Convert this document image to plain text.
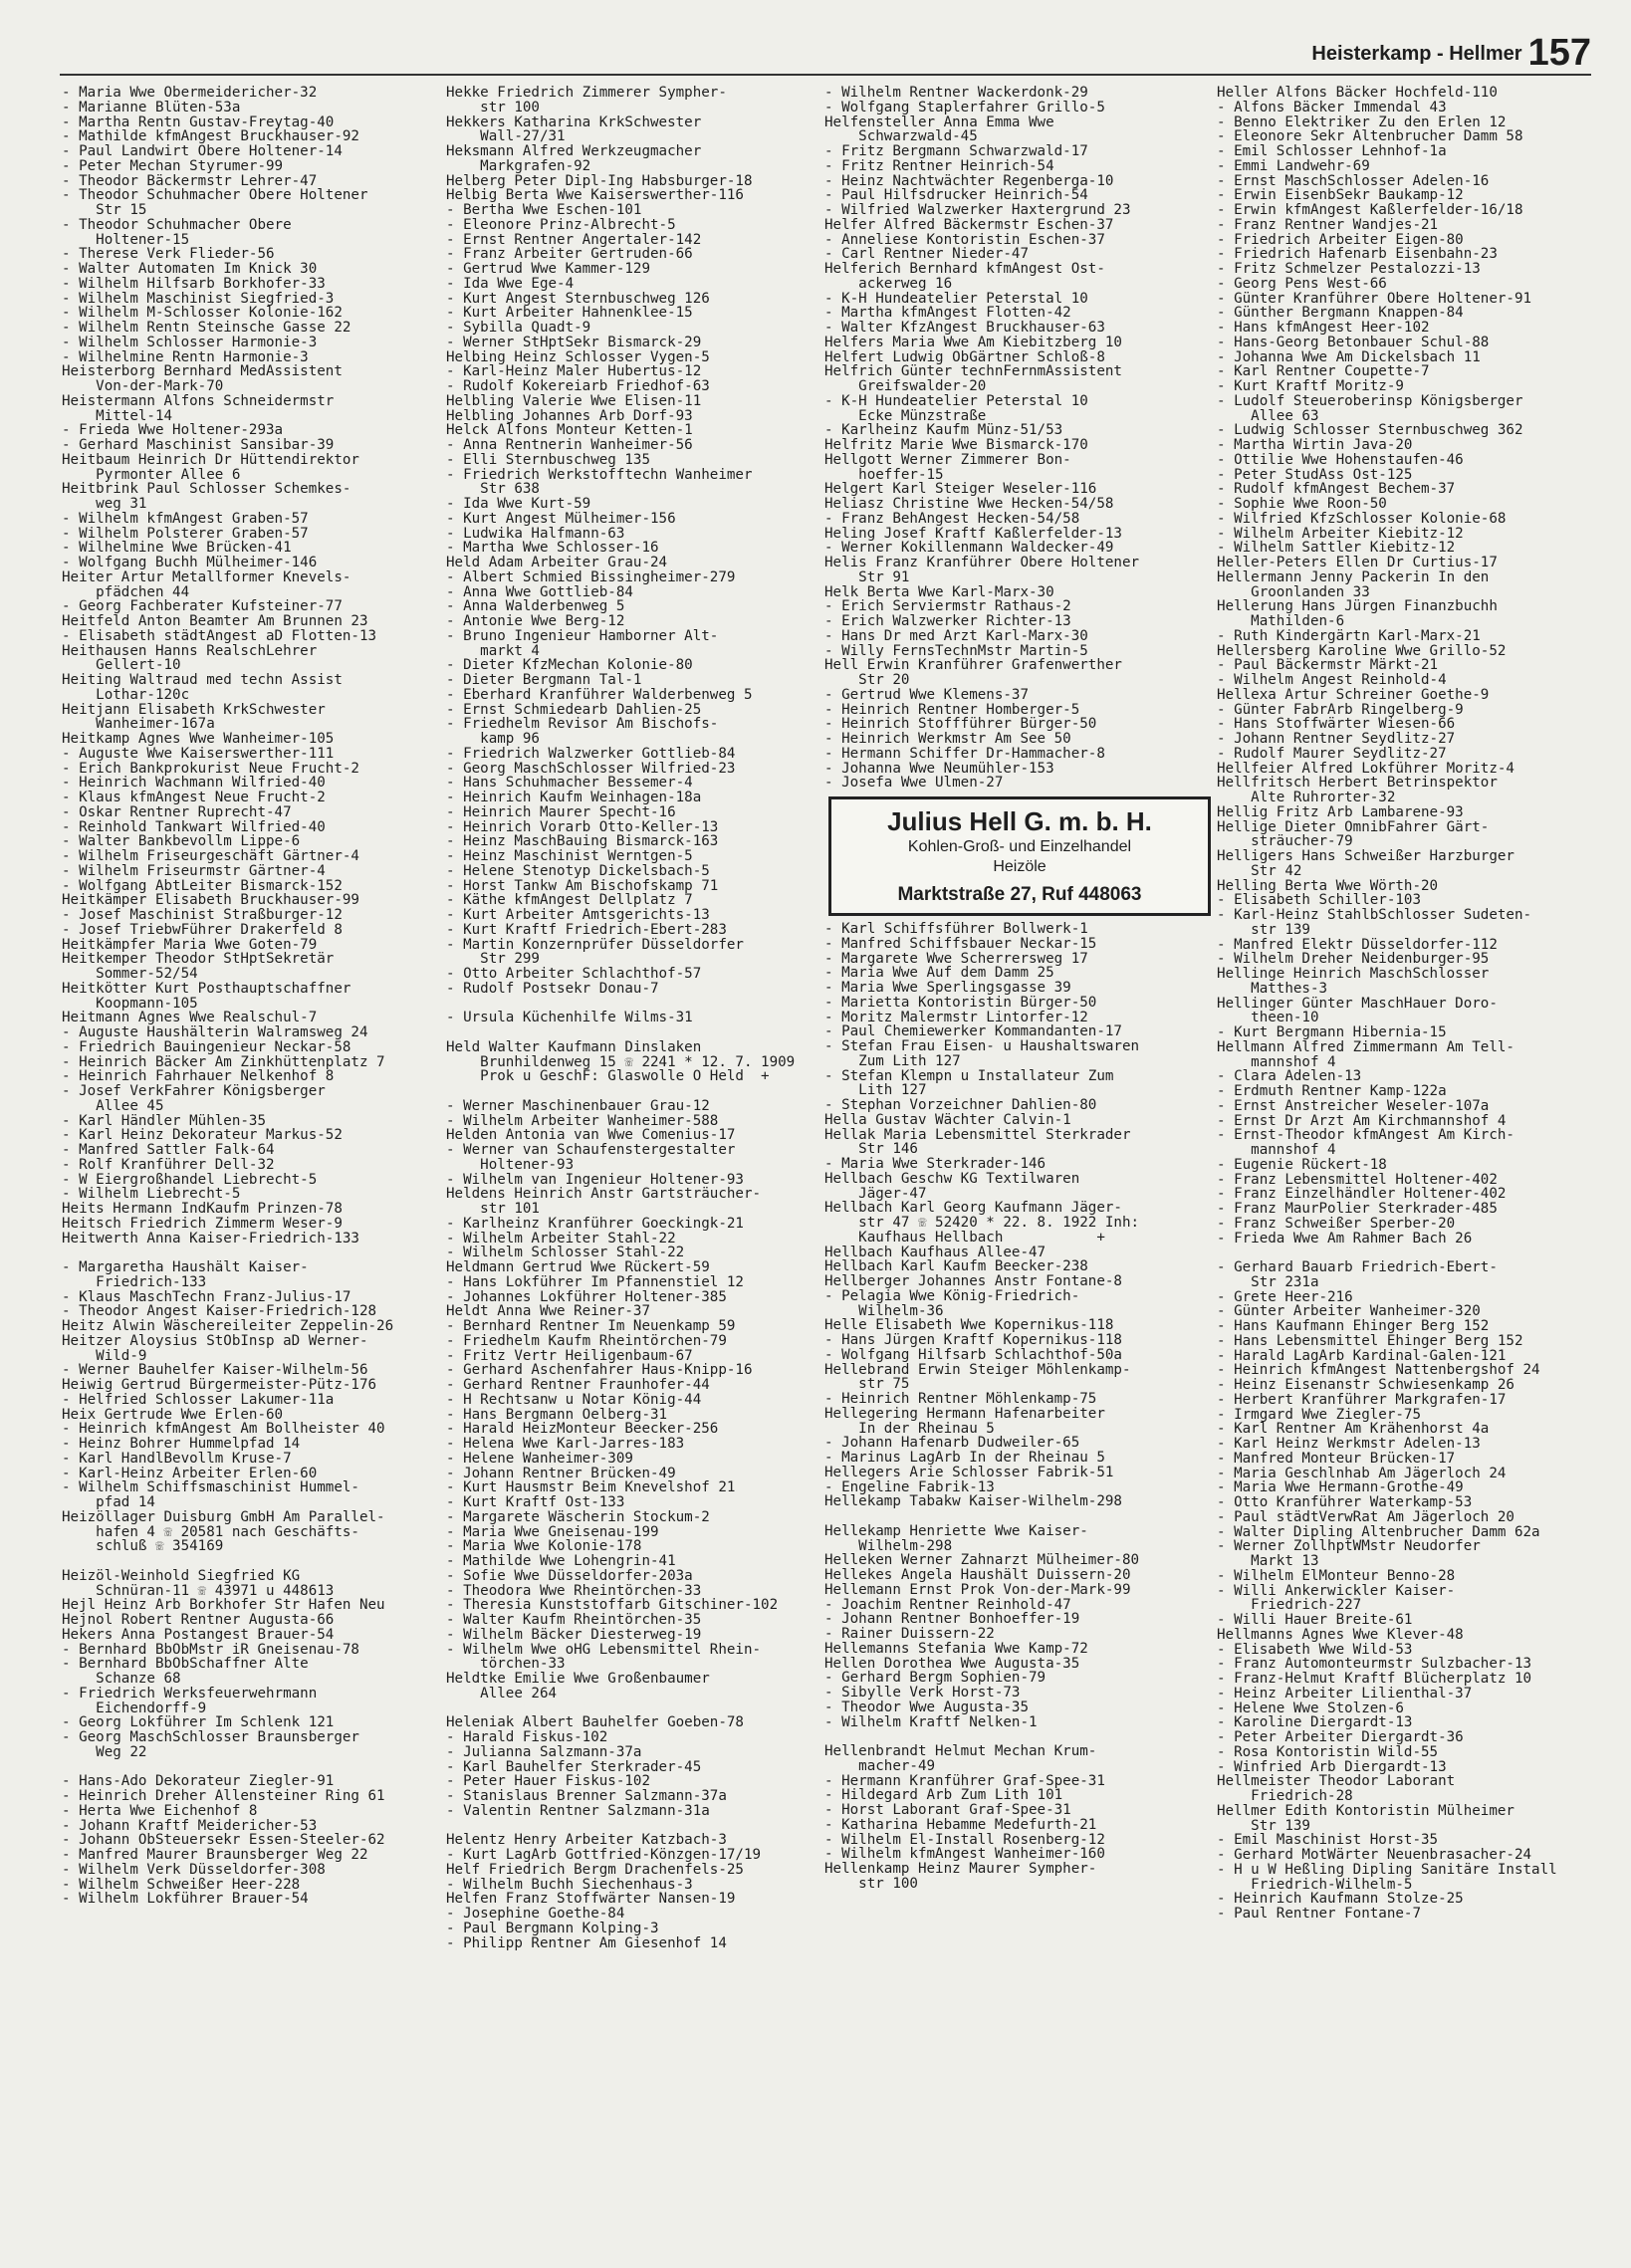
Heisterkamp - Hellmer 157
- Maria Wwe Obermeidericher-32
- Marianne Blüten-53a
- Martha Rentn Gustav-Freytag-40
- Mathilde kfmAngest Bruckhauser-92
- Paul Landwirt Obere Holtener-14
- Peter Mechan Styrumer-99
- Theodor Bäckermstr Lehrer-47
- Theodor Schuhmacher Obere Holtener
Str 15
- Theodor Schuhmacher Obere
Holtener-15
- Therese Verk Flieder-56
- Walter Automaten Im Knick 30
- Wilhelm Hilfsarb Borkhofer-33
- Wilhelm Maschinist Siegfried-3
- Wilhelm M-Schlosser Kolonie-162
- Wilhelm Rentn Steinsche Gasse 22
- Wilhelm Schlosser Harmonie-3
- Wilhelmine Rentn Harmonie-3
Heisterborg Bernhard MedAssistent
Von-der-Mark-70
Heistermann Alfons Schneidermstr
Mittel-14
- Frieda Wwe Holtener-293a
- Gerhard Maschinist Sansibar-39
Heitbaum Heinrich Dr Hüttendirektor
Pyrmonter Allee 6
Heitbrink Paul Schlosser Schemkes-
weg 31
- Wilhelm kfmAngest Graben-57
- Wilhelm Polsterer Graben-57
- Wilhelmine Wwe Brücken-41
- Wolfgang Buchh Mülheimer-146
Heiter Artur Metallformer Knevels-
pfädchen 44
- Georg Fachberater Kufsteiner-77
Heitfeld Anton Beamter Am Brunnen 23
- Elisabeth städtAngest aD Flotten-13
Heithausen Hanns RealschLehrer
Gellert-10
Heiting Waltraud med techn Assist
Lothar-120c
Heitjann Elisabeth KrkSchwester
Wanheimer-167a
Heitkamp Agnes Wwe Wanheimer-105
- Auguste Wwe Kaiserswerther-111
- Erich Bankprokurist Neue Frucht-2
- Heinrich Wachmann Wilfried-40
- Klaus kfmAngest Neue Frucht-2
- Oskar Rentner Ruprecht-47
- Reinhold Tankwart Wilfried-40
- Walter Bankbevollm Lippe-6
- Wilhelm Friseurgeschäft Gärtner-4
- Wilhelm Friseurmstr Gärtner-4
- Wolfgang AbtLeiter Bismarck-152
Heitkämper Elisabeth Bruckhauser-99
- Josef Maschinist Straßburger-12
- Josef TriebwFührer Drakerfeld 8
Heitkämpfer Maria Wwe Goten-79
Heitkemper Theodor StHptSekretär
Sommer-52/54
Heitkötter Kurt Posthauptschaffner
Koopmann-105
Heitmann Agnes Wwe Realschul-7
- Auguste Haushälterin Walramsweg 24
- Friedrich Bauingenieur Neckar-58
- Heinrich Bäcker Am Zinkhüttenplatz 7
- Heinrich Fahrhauer Nelkenhof 8
- Josef VerkFahrer Königsberger
Allee 45
- Karl Händler Mühlen-35
- Karl Heinz Dekorateur Markus-52
- Manfred Sattler Falk-64
- Rolf Kranführer Dell-32
- W Eiergroßhandel Liebrecht-5
- Wilhelm Liebrecht-5
Heits Hermann IndKaufm Prinzen-78
Heitsch Friedrich Zimmerm Weser-9
Heitwerth Anna Kaiser-Friedrich-133
- Margaretha Haushält Kaiser-
Friedrich-133
- Klaus MaschTechn Franz-Julius-17
- Theodor Angest Kaiser-Friedrich-128
Heitz Alwin Wäschereileiter Zeppelin-26
Heitzer Aloysius StObInsp aD Werner-
Wild-9
- Werner Bauhelfer Kaiser-Wilhelm-56
Heiwig Gertrud Bürgermeister-Pütz-176
- Helfried Schlosser Lakumer-11a
Heix Gertrude Wwe Erlen-60
- Heinrich kfmAngest Am Bollheister 40
- Heinz Bohrer Hummelpfad 14
- Karl HandlBevollm Kruse-7
- Karl-Heinz Arbeiter Erlen-60
- Wilhelm Schiffsmaschinist Hummel-
pfad 14
Heizöllager Duisburg GmbH Am Parallel-
hafen 4 ☏ 20581 nach Geschäfts-
schluß ☏ 354169
Heizöl-Weinhold Siegfried KG
Schnüran-11 ☏ 43971 u 448613
Hejl Heinz Arb Borkhofer Str Hafen Neu
Hejnol Robert Rentner Augusta-66
Hekers Anna Postangest Brauer-54
- Bernhard BbObMstr iR Gneisenau-78
- Bernhard BbObSchaffner Alte
Schanze 68
- Friedrich Werksfeuerwehrmann
Eichendorff-9
- Georg Lokführer Im Schlenk 121
- Georg MaschSchlosser Braunsberger
Weg 22
- Hans-Ado Dekorateur Ziegler-91
- Heinrich Dreher Allensteiner Ring 61
- Herta Wwe Eichenhof 8
- Johann Kraftf Meidericher-53
- Johann ObSteuersekr Essen-Steeler-62
- Manfred Maurer Braunsberger Weg 22
- Wilhelm Verk Düsseldorfer-308
- Wilhelm Schweißer Heer-228
- Wilhelm Lokführer Brauer-54
Hekke Friedrich Zimmerer Sympher-
str 100
Hekkers Katharina KrkSchwester
Wall-27/31
Heksmann Alfred Werkzeugmacher
Markgrafen-92
Helberg Peter Dipl-Ing Habsburger-18
Helbig Berta Wwe Kaiserswerther-116
- Bertha Wwe Eschen-101
- Eleonore Prinz-Albrecht-5
- Ernst Rentner Angertaler-142
- Franz Arbeiter Gertruden-66
- Gertrud Wwe Kammer-129
- Ida Wwe Ege-4
- Kurt Angest Sternbuschweg 126
- Kurt Arbeiter Hahnenklee-15
- Sybilla Quadt-9
- Werner StHptSekr Bismarck-29
Helbing Heinz Schlosser Vygen-5
- Karl-Heinz Maler Hubertus-12
- Rudolf Kokereiarb Friedhof-63
Helbling Valerie Wwe Elisen-11
Helbling Johannes Arb Dorf-93
Helck Alfons Monteur Ketten-1
- Anna Rentnerin Wanheimer-56
- Elli Sternbuschweg 135
- Friedrich Werkstofftechn Wanheimer
Str 638
- Ida Wwe Kurt-59
- Kurt Angest Mülheimer-156
- Ludwika Halfmann-63
- Martha Wwe Schlosser-16
Held Adam Arbeiter Grau-24
- Albert Schmied Bissingheimer-279
- Anna Wwe Gottlieb-84
- Anna Walderbenweg 5
- Antonie Wwe Berg-12
- Bruno Ingenieur Hamborner Alt-
markt 4
- Dieter KfzMechan Kolonie-80
- Dieter Bergmann Tal-1
- Eberhard Kranführer Walderbenweg 5
- Ernst Schmiedearb Dahlien-25
- Friedhelm Revisor Am Bischofs-
kamp 96
- Friedrich Walzwerker Gottlieb-84
- Georg MaschSchlosser Wilfried-23
- Hans Schuhmacher Bessemer-4
- Heinrich Kaufm Weinhagen-18a
- Heinrich Maurer Specht-16
- Heinrich Vorarb Otto-Keller-13
- Heinz MaschBauing Bismarck-163
- Heinz Maschinist Werntgen-5
- Helene Stenotyp Dickelsbach-5
- Horst Tankw Am Bischofskamp 71
- Käthe kfmAngest Dellplatz 7
- Kurt Arbeiter Amtsgerichts-13
- Kurt Kraftf Friedrich-Ebert-283
- Martin Konzernprüfer Düsseldorfer
Str 299
- Otto Arbeiter Schlachthof-57
- Rudolf Postsekr Donau-7
- Ursula Küchenhilfe Wilms-31
Held Walter Kaufmann Dinslaken
Brunhildenweg 15 ☏ 2241 * 12. 7. 1909
Prok u GeschF: Glaswolle O Held  +
- Werner Maschinenbauer Grau-12
- Wilhelm Arbeiter Wanheimer-588
Helden Antonia van Wwe Comenius-17
- Werner van Schaufenstergestalter
Holtener-93
- Wilhelm van Ingenieur Holtener-93
Heldens Heinrich Anstr Gartsträucher-
str 101
- Karlheinz Kranführer Goeckingk-21
- Wilhelm Arbeiter Stahl-22
- Wilhelm Schlosser Stahl-22
Heldmann Gertrud Wwe Rückert-59
- Hans Lokführer Im Pfannenstiel 12
- Johannes Lokführer Holtener-385
Heldt Anna Wwe Reiner-37
- Bernhard Rentner Im Neuenkamp 59
- Friedhelm Kaufm Rheintörchen-79
- Fritz Vertr Heiligenbaum-67
- Gerhard Aschenfahrer Haus-Knipp-16
- Gerhard Rentner Fraunhofer-44
- H Rechtsanw u Notar König-44
- Hans Bergmann Oelberg-31
- Harald HeizMonteur Beecker-256
- Helena Wwe Karl-Jarres-183
- Helene Wanheimer-309
- Johann Rentner Brücken-49
- Kurt Hausmstr Beim Knevelshof 21
- Kurt Kraftf Ost-133
- Margarete Wäscherin Stockum-2
- Maria Wwe Gneisenau-199
- Maria Wwe Kolonie-178
- Mathilde Wwe Lohengrin-41
- Sofie Wwe Düsseldorfer-203a
- Theodora Wwe Rheintörchen-33
- Theresia Kunststoffarb Gitschiner-102
- Walter Kaufm Rheintörchen-35
- Wilhelm Bäcker Diesterweg-19
- Wilhelm Wwe oHG Lebensmittel Rhein-
törchen-33
Heldtke Emilie Wwe Großenbaumer
Allee 264
Heleniak Albert Bauhelfer Goeben-78
- Harald Fiskus-102
- Julianna Salzmann-37a
- Karl Bauhelfer Sterkrader-45
- Peter Hauer Fiskus-102
- Stanislaus Brenner Salzmann-37a
- Valentin Rentner Salzmann-31a
Helentz Henry Arbeiter Katzbach-3
- Kurt LagArb Gottfried-Könzgen-17/19
Helf Friedrich Bergm Drachenfels-25
- Wilhelm Buchh Siechenhaus-3
Helfen Franz Stoffwärter Nansen-19
- Josephine Goethe-84
- Paul Bergmann Kolping-3
- Philipp Rentner Am Giesenhof 14
- Wilhelm Rentner Wackerdonk-29
- Wolfgang Staplerfahrer Grillo-5
Helfensteller Anna Emma Wwe
Schwarzwald-45
- Fritz Bergmann Schwarzwald-17
- Fritz Rentner Heinrich-54
- Heinz Nachtwächter Regenberga-10
- Paul Hilfsdrucker Heinrich-54
- Wilfried Walzwerker Haxtergrund 23
Helfer Alfred Bäckermstr Eschen-37
- Anneliese Kontoristin Eschen-37
- Carl Rentner Nieder-47
Helferich Bernhard kfmAngest Ost-
ackerweg 16
- K-H Hundeatelier Peterstal 10
- Martha kfmAngest Flotten-42
- Walter KfzAngest Bruckhauser-63
Helfers Maria Wwe Am Kiebitzberg 10
Helfert Ludwig ObGärtner Schloß-8
Helfrich Günter technFernmAssistent
Greifswalder-20
- K-H Hundeatelier Peterstal 10
Ecke Münzstraße
- Karlheinz Kaufm Münz-51/53
Helfritz Marie Wwe Bismarck-170
Hellgott Werner Zimmerer Bon-
hoeffer-15
Helgert Karl Steiger Weseler-116
Heliasz Christine Wwe Hecken-54/58
- Franz BehAngest Hecken-54/58
Heling Josef Kraftf Kaßlerfelder-13
- Werner Kokillenmann Waldecker-49
Helis Franz Kranführer Obere Holtener
Str 91
Helk Berta Wwe Karl-Marx-30
- Erich Serviermstr Rathaus-2
- Erich Walzwerker Richter-13
- Hans Dr med Arzt Karl-Marx-30
- Willy FernsTechnMstr Martin-5
Hell Erwin Kranführer Grafenwerther
Str 20
- Gertrud Wwe Klemens-37
- Heinrich Rentner Homberger-5
- Heinrich Stoffführer Bürger-50
- Heinrich Werkmstr Am See 50
- Hermann Schiffer Dr-Hammacher-8
- Johanna Wwe Neumühler-153
- Josefa Wwe Ulmen-27
Julius Hell G. m. b. H.
Kohlen-Groß- und Einzelhandel
Heizöle
Marktstraße 27, Ruf 448063
- Karl Schiffsführer Bollwerk-1
- Manfred Schiffsbauer Neckar-15
- Margarete Wwe Scherrersweg 17
- Maria Wwe Auf dem Damm 25
- Maria Wwe Sperlingsgasse 39
- Marietta Kontoristin Bürger-50
- Moritz Malermstr Lintorfer-12
- Paul Chemiewerker Kommandanten-17
- Stefan Frau Eisen- u Haushaltswaren
Zum Lith 127
- Stefan Klempn u Installateur Zum
Lith 127
- Stephan Vorzeichner Dahlien-80
Hella Gustav Wächter Calvin-1
Hellak Maria Lebensmittel Sterkrader
Str 146
- Maria Wwe Sterkrader-146
Hellbach Geschw KG Textilwaren
Jäger-47
Hellbach Karl Georg Kaufmann Jäger-
str 47 ☏ 52420 * 22. 8. 1922 Inh:
Kaufhaus Hellbach           +
Hellbach Kaufhaus Allee-47
Hellbach Karl Kaufm Beecker-238
Hellberger Johannes Anstr Fontane-8
- Pelagia Wwe König-Friedrich-
Wilhelm-36
Helle Elisabeth Wwe Kopernikus-118
- Hans Jürgen Kraftf Kopernikus-118
- Wolfgang Hilfsarb Schlachthof-50a
Hellebrand Erwin Steiger Möhlenkamp-
str 75
- Heinrich Rentner Möhlenkamp-75
Hellegering Hermann Hafenarbeiter
In der Rheinau 5
- Johann Hafenarb Dudweiler-65
- Marinus LagArb In der Rheinau 5
Hellegers Arie Schlosser Fabrik-51
- Engeline Fabrik-13
Hellekamp Tabakw Kaiser-Wilhelm-298
Hellekamp Henriette Wwe Kaiser-
Wilhelm-298
Helleken Werner Zahnarzt Mülheimer-80
Hellekes Angela Haushält Duissern-20
Hellemann Ernst Prok Von-der-Mark-99
- Joachim Rentner Reinhold-47
- Johann Rentner Bonhoeffer-19
- Rainer Duissern-22
Hellemanns Stefania Wwe Kamp-72
Hellen Dorothea Wwe Augusta-35
- Gerhard Bergm Sophien-79
- Sibylle Verk Horst-73
- Theodor Wwe Augusta-35
- Wilhelm Kraftf Nelken-1
Hellenbrandt Helmut Mechan Krum-
macher-49
- Hermann Kranführer Graf-Spee-31
- Hildegard Arb Zum Lith 101
- Horst Laborant Graf-Spee-31
- Katharina Hebamme Medefurth-21
- Wilhelm El-Install Rosenberg-12
- Wilhelm kfmAngest Wanheimer-160
Hellenkamp Heinz Maurer Sympher-
str 100
Heller Alfons Bäcker Hochfeld-110
- Alfons Bäcker Immendal 43
- Benno Elektriker Zu den Erlen 12
- Eleonore Sekr Altenbrucher Damm 58
- Emil Schlosser Lehnhof-1a
- Emmi Landwehr-69
- Ernst MaschSchlosser Adelen-16
- Erwin EisenbSekr Baukamp-12
- Erwin kfmAngest Kaßlerfelder-16/18
- Franz Rentner Wandjes-21
- Friedrich Arbeiter Eigen-80
- Friedrich Hafenarb Eisenbahn-23
- Fritz Schmelzer Pestalozzi-13
- Georg Pens West-66
- Günter Kranführer Obere Holtener-91
- Günther Bergmann Knappen-84
- Hans kfmAngest Heer-102
- Hans-Georg Betonbauer Schul-88
- Johanna Wwe Am Dickelsbach 11
- Karl Rentner Coupette-7
- Kurt Kraftf Moritz-9
- Ludolf Steueroberinsp Königsberger
Allee 63
- Ludwig Schlosser Sternbuschweg 362
- Martha Wirtin Java-20
- Ottilie Wwe Hohenstaufen-46
- Peter StudAss Ost-125
- Rudolf kfmAngest Bechem-37
- Sophie Wwe Roon-50
- Wilfried KfzSchlosser Kolonie-68
- Wilhelm Arbeiter Kiebitz-12
- Wilhelm Sattler Kiebitz-12
Heller-Peters Ellen Dr Curtius-17
Hellermann Jenny Packerin In den
Groonlanden 33
Hellerung Hans Jürgen Finanzbuchh
Mathilden-6
- Ruth Kindergärtn Karl-Marx-21
Hellersberg Karoline Wwe Grillo-52
- Paul Bäckermstr Märkt-21
- Wilhelm Angest Reinhold-4
Hellexa Artur Schreiner Goethe-9
- Günter FabrArb Ringelberg-9
- Hans Stoffwärter Wiesen-66
- Johann Rentner Seydlitz-27
- Rudolf Maurer Seydlitz-27
Hellfeier Alfred Lokführer Moritz-4
Hellfritsch Herbert Betrinspektor
Alte Ruhrorter-32
Hellig Fritz Arb Lambarene-93
Hellige Dieter OmnibFahrer Gärt-
sträucher-79
Helligers Hans Schweißer Harzburger
Str 42
Helling Berta Wwe Wörth-20
- Elisabeth Schiller-103
- Karl-Heinz StahlbSchlosser Sudeten-
str 139
- Manfred Elektr Düsseldorfer-112
- Wilhelm Dreher Neidenburger-95
Hellinge Heinrich MaschSchlosser
Matthes-3
Hellinger Günter MaschHauer Doro-
theen-10
- Kurt Bergmann Hibernia-15
Hellmann Alfred Zimmermann Am Tell-
mannshof 4
- Clara Adelen-13
- Erdmuth Rentner Kamp-122a
- Ernst Anstreicher Weseler-107a
- Ernst Dr Arzt Am Kirchmannshof 4
- Ernst-Theodor kfmAngest Am Kirch-
mannshof 4
- Eugenie Rückert-18
- Franz Lebensmittel Holtener-402
- Franz Einzelhändler Holtener-402
- Franz MaurPolier Sterkrader-485
- Franz Schweißer Sperber-20
- Frieda Wwe Am Rahmer Bach 26
- Gerhard Bauarb Friedrich-Ebert-
Str 231a
- Grete Heer-216
- Günter Arbeiter Wanheimer-320
- Hans Kaufmann Ehinger Berg 152
- Hans Lebensmittel Ehinger Berg 152
- Harald LagArb Kardinal-Galen-121
- Heinrich kfmAngest Nattenbergshof 24
- Heinz Eisenanstr Schwiesenkamp 26
- Herbert Kranführer Markgrafen-17
- Irmgard Wwe Ziegler-75
- Karl Rentner Am Krähenhorst 4a
- Karl Heinz Werkmstr Adelen-13
- Manfred Monteur Brücken-17
- Maria Geschlnhab Am Jägerloch 24
- Maria Wwe Hermann-Grothe-49
- Otto Kranführer Waterkamp-53
- Paul städtVerwRat Am Jägerloch 20
- Walter Dipling Altenbrucher Damm 62a
- Werner ZollhptWMstr Neudorfer
Markt 13
- Wilhelm ElMonteur Benno-28
- Willi Ankerwickler Kaiser-
Friedrich-227
- Willi Hauer Breite-61
Hellmanns Agnes Wwe Klever-48
- Elisabeth Wwe Wild-53
- Franz Automonteurmstr Sulzbacher-13
- Franz-Helmut Kraftf Blücherplatz 10
- Heinz Arbeiter Lilienthal-37
- Helene Wwe Stolzen-6
- Karoline Diergardt-13
- Peter Arbeiter Diergardt-36
- Rosa Kontoristin Wild-55
- Winfried Arb Diergardt-13
Hellmeister Theodor Laborant
Friedrich-28
Hellmer Edith Kontoristin Mülheimer
Str 139
- Emil Maschinist Horst-35
- Gerhard MotWärter Neuenbrasacher-24
- H u W Heßling Dipling Sanitäre Install
Friedrich-Wilhelm-5
- Heinrich Kaufmann Stolze-25
- Paul Rentner Fontane-7
